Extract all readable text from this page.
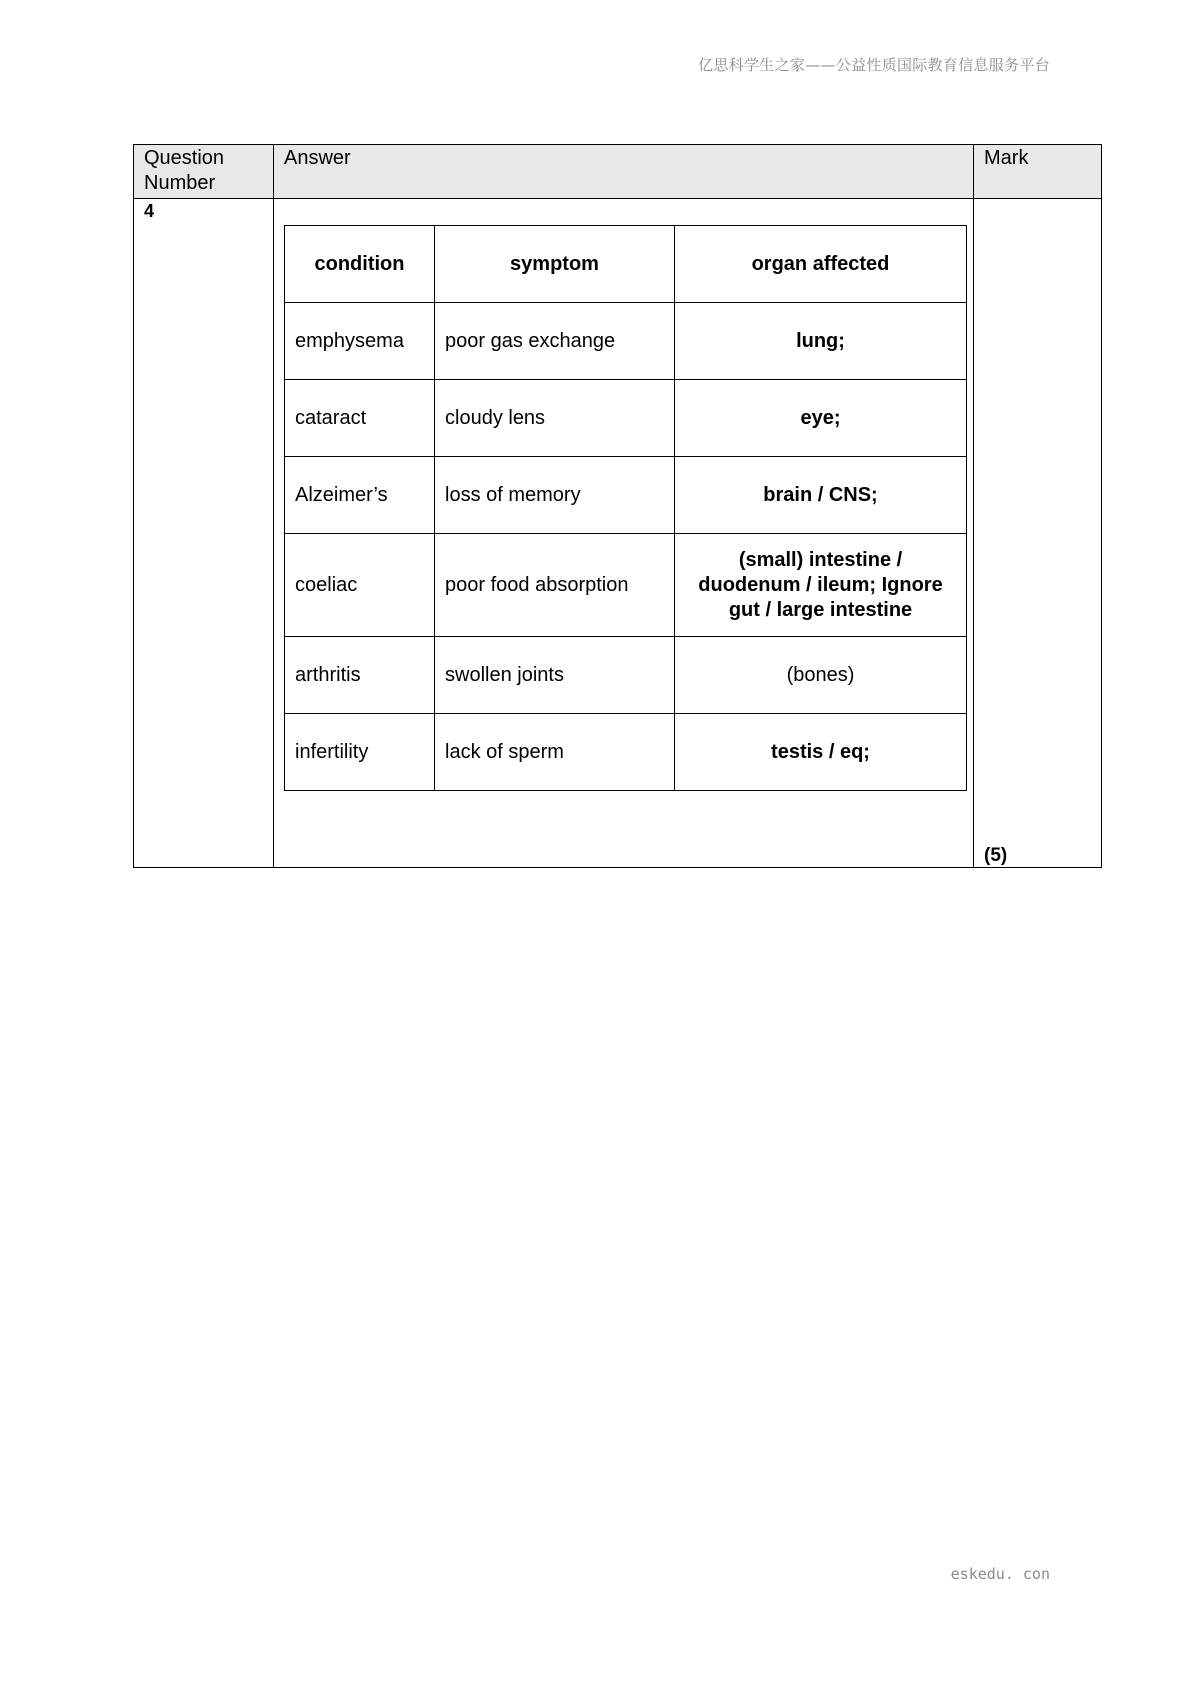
亿思科学生之家——公益性质国际教育信息服务平台
Question Number	Answer	Mark
4	
condition	symptom	organ affected
emphysema	poor gas exchange	lung;
cataract	cloudy lens	eye;
Alzeimer’s	loss of memory	brain / CNS;
coeliac	poor food absorption	(small) intestine / duodenum / ileum; Ignore gut / large intestine
arthritis	swollen joints	(bones)
infertility	lack of sperm	testis / eq;
	(5)
eskedu. con
